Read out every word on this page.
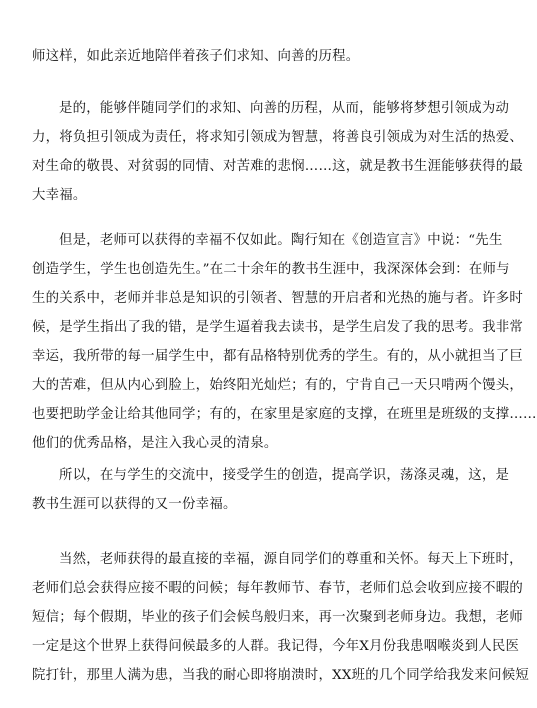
师这样，如此亲近地陪伴着孩子们求知、向善的历程。

是的，能够伴随同学们的求知、向善的历程，从而，能够将梦想引领成为动
力，将负担引领成为责任，将求知引领成为智慧，将善良引领成为对生活的热爱、
对生命的敬畏、对贫弱的同情、对苦难的悲悯……这，就是教书生涯能够获得的最
大幸福。

但是，老师可以获得的幸福不仅如此。陶行知在《创造宣言》中说：“先生
创造学生，学生也创造先生。”在二十余年的教书生涯中，我深深体会到：在师与
生的关系中，老师并非总是知识的引领者、智慧的开启者和光热的施与者。许多时
候，是学生指出了我的错，是学生逼着我去读书，是学生启发了我的思考。我非常
幸运，我所带的每一届学生中，都有品格特别优秀的学生。有的，从小就担当了巨
大的苦难，但从内心到脸上，始终阳光灿烂；有的，宁肯自己一天只啃两个馒头，
也要把助学金让给其他同学；有的，在家里是家庭的支撑，在班里是班级的支撑……
他们的优秀品格，是注入我心灵的清泉。

所以，在与学生的交流中，接受学生的创造，提高学识，荡涤灵魂，这，是
教书生涯可以获得的又一份幸福。

当然，老师获得的最直接的幸福，源自同学们的尊重和关怀。每天上下班时，
老师们总会获得应接不暇的问候；每年教师节、春节，老师们总会收到应接不暇的
短信；每个假期，毕业的孩子们会候鸟般归来，再一次聚到老师身边。我想，老师
一定是这个世界上获得问候最多的人群。我记得，今年Ⅹ月份我患咽喉炎到人民医
院打针，那里人满为患，当我的耐心即将崩溃时，XX班的几个同学给我发来问候短
